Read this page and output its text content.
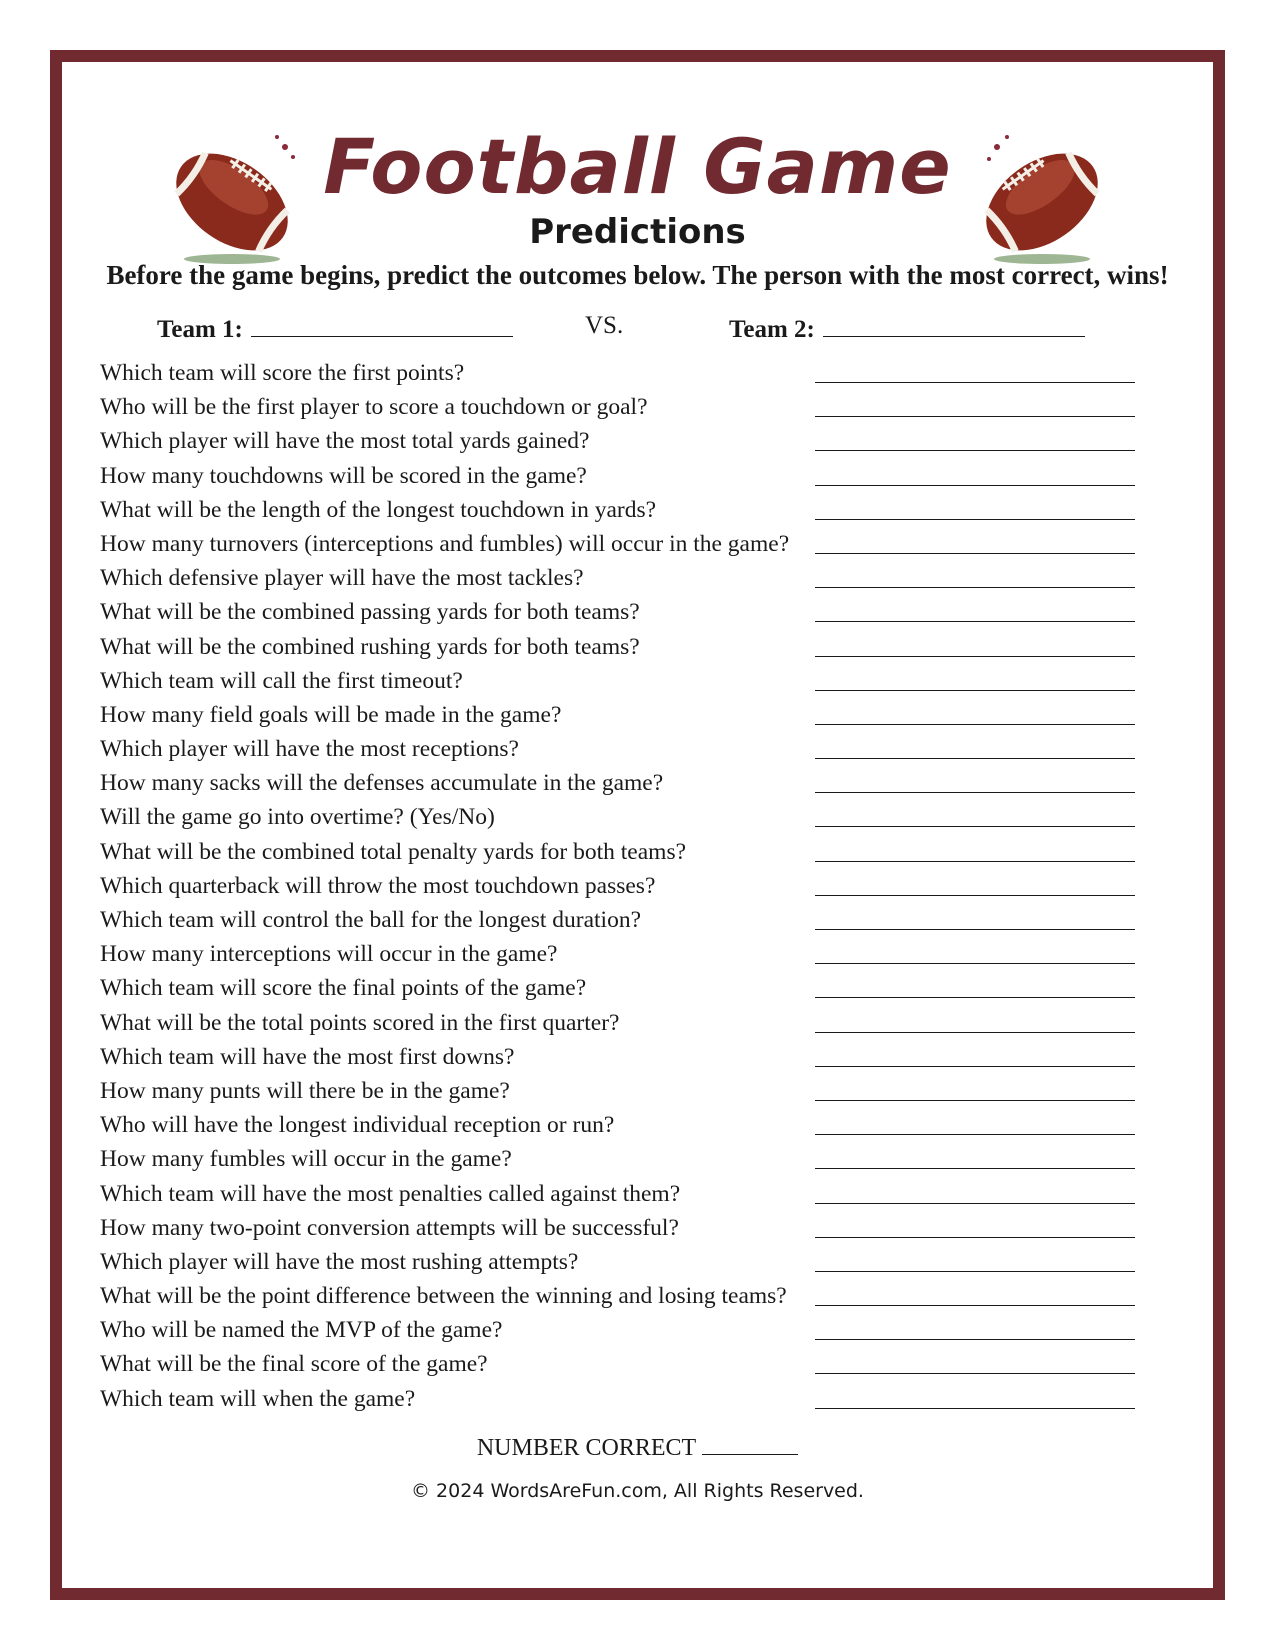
Football Game
Predictions
Before the game begins, predict the outcomes below. The person with the most correct, wins!
Team 1:	VS.	Team 2:
Which team will score the first points?
Who will be the first player to score a touchdown or goal?
Which player will have the most total yards gained?
How many touchdowns will be scored in the game?
What will be the length of the longest touchdown in yards?
How many turnovers (interceptions and fumbles) will occur in the game?
Which defensive player will have the most tackles?
What will be the combined passing yards for both teams?
What will be the combined rushing yards for both teams?
Which team will call the first timeout?
How many field goals will be made in the game?
Which player will have the most receptions?
How many sacks will the defenses accumulate in the game?
Will the game go into overtime? (Yes/No)
What will be the combined total penalty yards for both teams?
Which quarterback will throw the most touchdown passes?
Which team will control the ball for the longest duration?
How many interceptions will occur in the game?
Which team will score the final points of the game?
What will be the total points scored in the first quarter?
Which team will have the most first downs?
How many punts will there be in the game?
Who will have the longest individual reception or run?
How many fumbles will occur in the game?
Which team will have the most penalties called against them?
How many two-point conversion attempts will be successful?
Which player will have the most rushing attempts?
What will be the point difference between the winning and losing teams?
Who will be named the MVP of the game?
What will be the final score of the game?
Which team will when the game?
NUMBER CORRECT
© 2024 WordsAreFun.com, All Rights Reserved.
